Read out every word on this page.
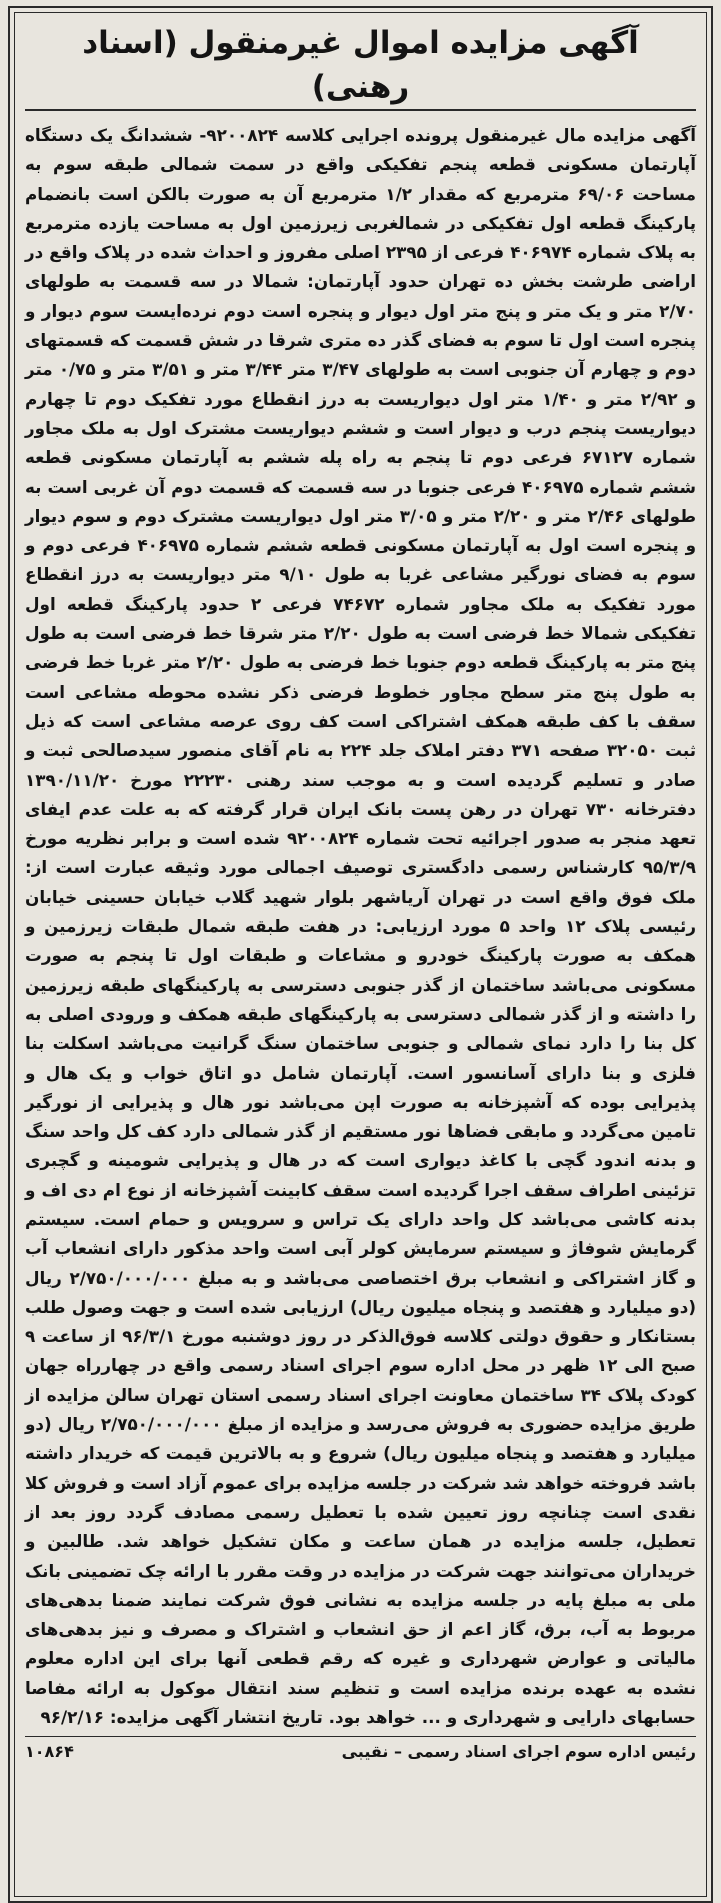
آگهی مزایده اموال غیرمنقول (اسناد رهنی)

آگهی مزایده مال غیرمنقول پرونده اجرایی کلاسه ۹۲۰۰۸۲۴- ششدانگ یک دستگاه آپارتمان مسکونی قطعه پنجم تفکیکی واقع در سمت شمالی طبقه سوم به مساحت ۶۹/۰۶ مترمربع که مقدار ۱/۲ مترمربع آن به صورت بالکن است بانضمام پارکینگ قطعه اول تفکیکی در شمالغربی زیرزمین اول به مساحت یازده مترمربع به پلاک شماره ۴۰۶۹۷۴ فرعی از ۲۳۹۵ اصلی مفروز و احداث شده در پلاک واقع در اراضی طرشت بخش ده تهران حدود آپارتمان: شمالا در سه قسمت به طولهای ۲/۷۰ متر و یک متر و پنج متر اول دیوار و پنجره است دوم نرده‌ایست سوم دیوار و پنجره است اول تا سوم به فضای گذر ده متری شرقا در شش قسمت که قسمتهای دوم و چهارم آن جنوبی است به طولهای ۳/۴۷ متر ۳/۴۴ متر و ۳/۵۱ متر و ۰/۷۵ متر و ۲/۹۲ متر و ۱/۴۰ متر اول دیواریست به درز انقطاع مورد تفکیک دوم تا چهارم دیواریست پنجم درب و دیوار است و ششم دیواریست مشترک اول به ملک مجاور شماره ۶۷۱۲۷ فرعی دوم تا پنجم به راه پله ششم به آپارتمان مسکونی قطعه ششم شماره ۴۰۶۹۷۵ فرعی جنوبا در سه قسمت که قسمت دوم آن غربی است به طولهای ۲/۴۶ متر و ۲/۲۰ متر و ۳/۰۵ متر اول دیواریست مشترک دوم و سوم دیوار و پنجره است اول به آپارتمان مسکونی قطعه ششم شماره ۴۰۶۹۷۵ فرعی دوم و سوم به فضای نورگیر مشاعی غربا به طول ۹/۱۰ متر دیواریست به درز انقطاع مورد تفکیک به ملک مجاور شماره ۷۴۶۷۲ فرعی ۲ حدود پارکینگ قطعه اول تفکیکی شمالا خط فرضی است به طول ۲/۲۰ متر شرقا خط فرضی است به طول پنج متر به پارکینگ قطعه دوم جنوبا خط فرضی به طول ۲/۲۰ متر غربا خط فرضی به طول پنج متر سطح مجاور خطوط فرضی ذکر نشده محوطه مشاعی است سقف با کف طبقه همکف اشتراکی است کف روی عرصه مشاعی است که ذیل ثبت ۳۲۰۵۰ صفحه ۳۷۱ دفتر املاک جلد ۲۲۴ به نام آقای منصور سیدصالحی ثبت و صادر و تسلیم گردیده است و به موجب سند رهنی ۲۲۲۳۰ مورخ ۱۳۹۰/۱۱/۲۰ دفترخانه ۷۳۰ تهران در رهن پست بانک ایران قرار گرفته که به علت عدم ایفای تعهد منجر به صدور اجرائیه تحت شماره ۹۲۰۰۸۲۴ شده است و برابر نظریه مورخ ۹۵/۳/۹ کارشناس رسمی دادگستری توصیف اجمالی مورد وثیقه عبارت است از: ملک فوق واقع است در تهران آریاشهر بلوار شهید گلاب خیابان حسینی خیابان رئیسی پلاک ۱۲ واحد ۵ مورد ارزیابی: در هفت طبقه شمال طبقات زیرزمین و همکف به صورت پارکینگ خودرو و مشاعات و طبقات اول تا پنجم به صورت مسکونی می‌باشد ساختمان از گذر جنوبی دسترسی به پارکینگهای طبقه زیرزمین را داشته و از گذر شمالی دسترسی به پارکینگهای طبقه همکف و ورودی اصلی به کل بنا را دارد نمای شمالی و جنوبی ساختمان سنگ گرانیت می‌باشد اسکلت بنا فلزی و بنا دارای آسانسور است. آپارتمان شامل دو اتاق خواب و یک هال و پذیرایی بوده که آشپزخانه به صورت اپن می‌باشد نور هال و پذیرایی از نورگیر تامین می‌گردد و مابقی فضاها نور مستقیم از گذر شمالی دارد کف کل واحد سنگ و بدنه اندود گچی با کاغذ دیواری است که در هال و پذیرایی شومینه و گچبری تزئینی اطراف سقف اجرا گردیده است سقف کابینت آشپزخانه از نوع ام دی اف و بدنه کاشی می‌باشد کل واحد دارای یک تراس و سرویس و حمام است. سیستم گرمایش شوفاژ و سیستم سرمایش کولر آبی است واحد مذکور دارای انشعاب آب و گاز اشتراکی و انشعاب برق اختصاصی می‌باشد و به مبلغ ۲/۷۵۰/۰۰۰/۰۰۰ ریال (دو میلیارد و هفتصد و پنجاه میلیون ریال) ارزیابی شده است و جهت وصول طلب بستانکار و حقوق دولتی کلاسه فوق‌الذکر در روز دوشنبه مورخ ۹۶/۳/۱ از ساعت ۹ صبح الی ۱۲ ظهر در محل اداره سوم اجرای اسناد رسمی واقع در چهارراه جهان کودک پلاک ۳۴ ساختمان معاونت اجرای اسناد رسمی استان تهران سالن مزایده از طریق مزایده حضوری به فروش می‌رسد و مزایده از مبلغ ۲/۷۵۰/۰۰۰/۰۰۰ ریال (دو میلیارد و هفتصد و پنجاه میلیون ریال) شروع و به بالاترین قیمت که خریدار داشته باشد فروخته خواهد شد شرکت در جلسه مزایده برای عموم آزاد است و فروش کلا نقدی است چنانچه روز تعیین شده با تعطیل رسمی مصادف گردد روز بعد از تعطیل، جلسه مزایده در همان ساعت و مکان تشکیل خواهد شد. طالبین و خریداران می‌توانند جهت شرکت در مزایده در وقت مقرر با ارائه چک تضمینی بانک ملی به مبلغ پایه در جلسه مزایده به نشانی فوق شرکت نمایند ضمنا بدهی‌های مربوط به آب، برق، گاز اعم از حق انشعاب و اشتراک و مصرف و نیز بدهی‌های مالیاتی و عوارض شهرداری و غیره که رقم قطعی آنها برای این اداره معلوم نشده به عهده برنده مزایده است و تنظیم سند انتقال موکول به ارائه مفاصا حسابهای دارایی و شهرداری و ... خواهد بود. تاریخ انتشار آگهی مزایده: ۹۶/۲/۱۶

رئیس اداره سوم اجرای اسناد رسمی – نقیبی
۱۰۸۶۴
